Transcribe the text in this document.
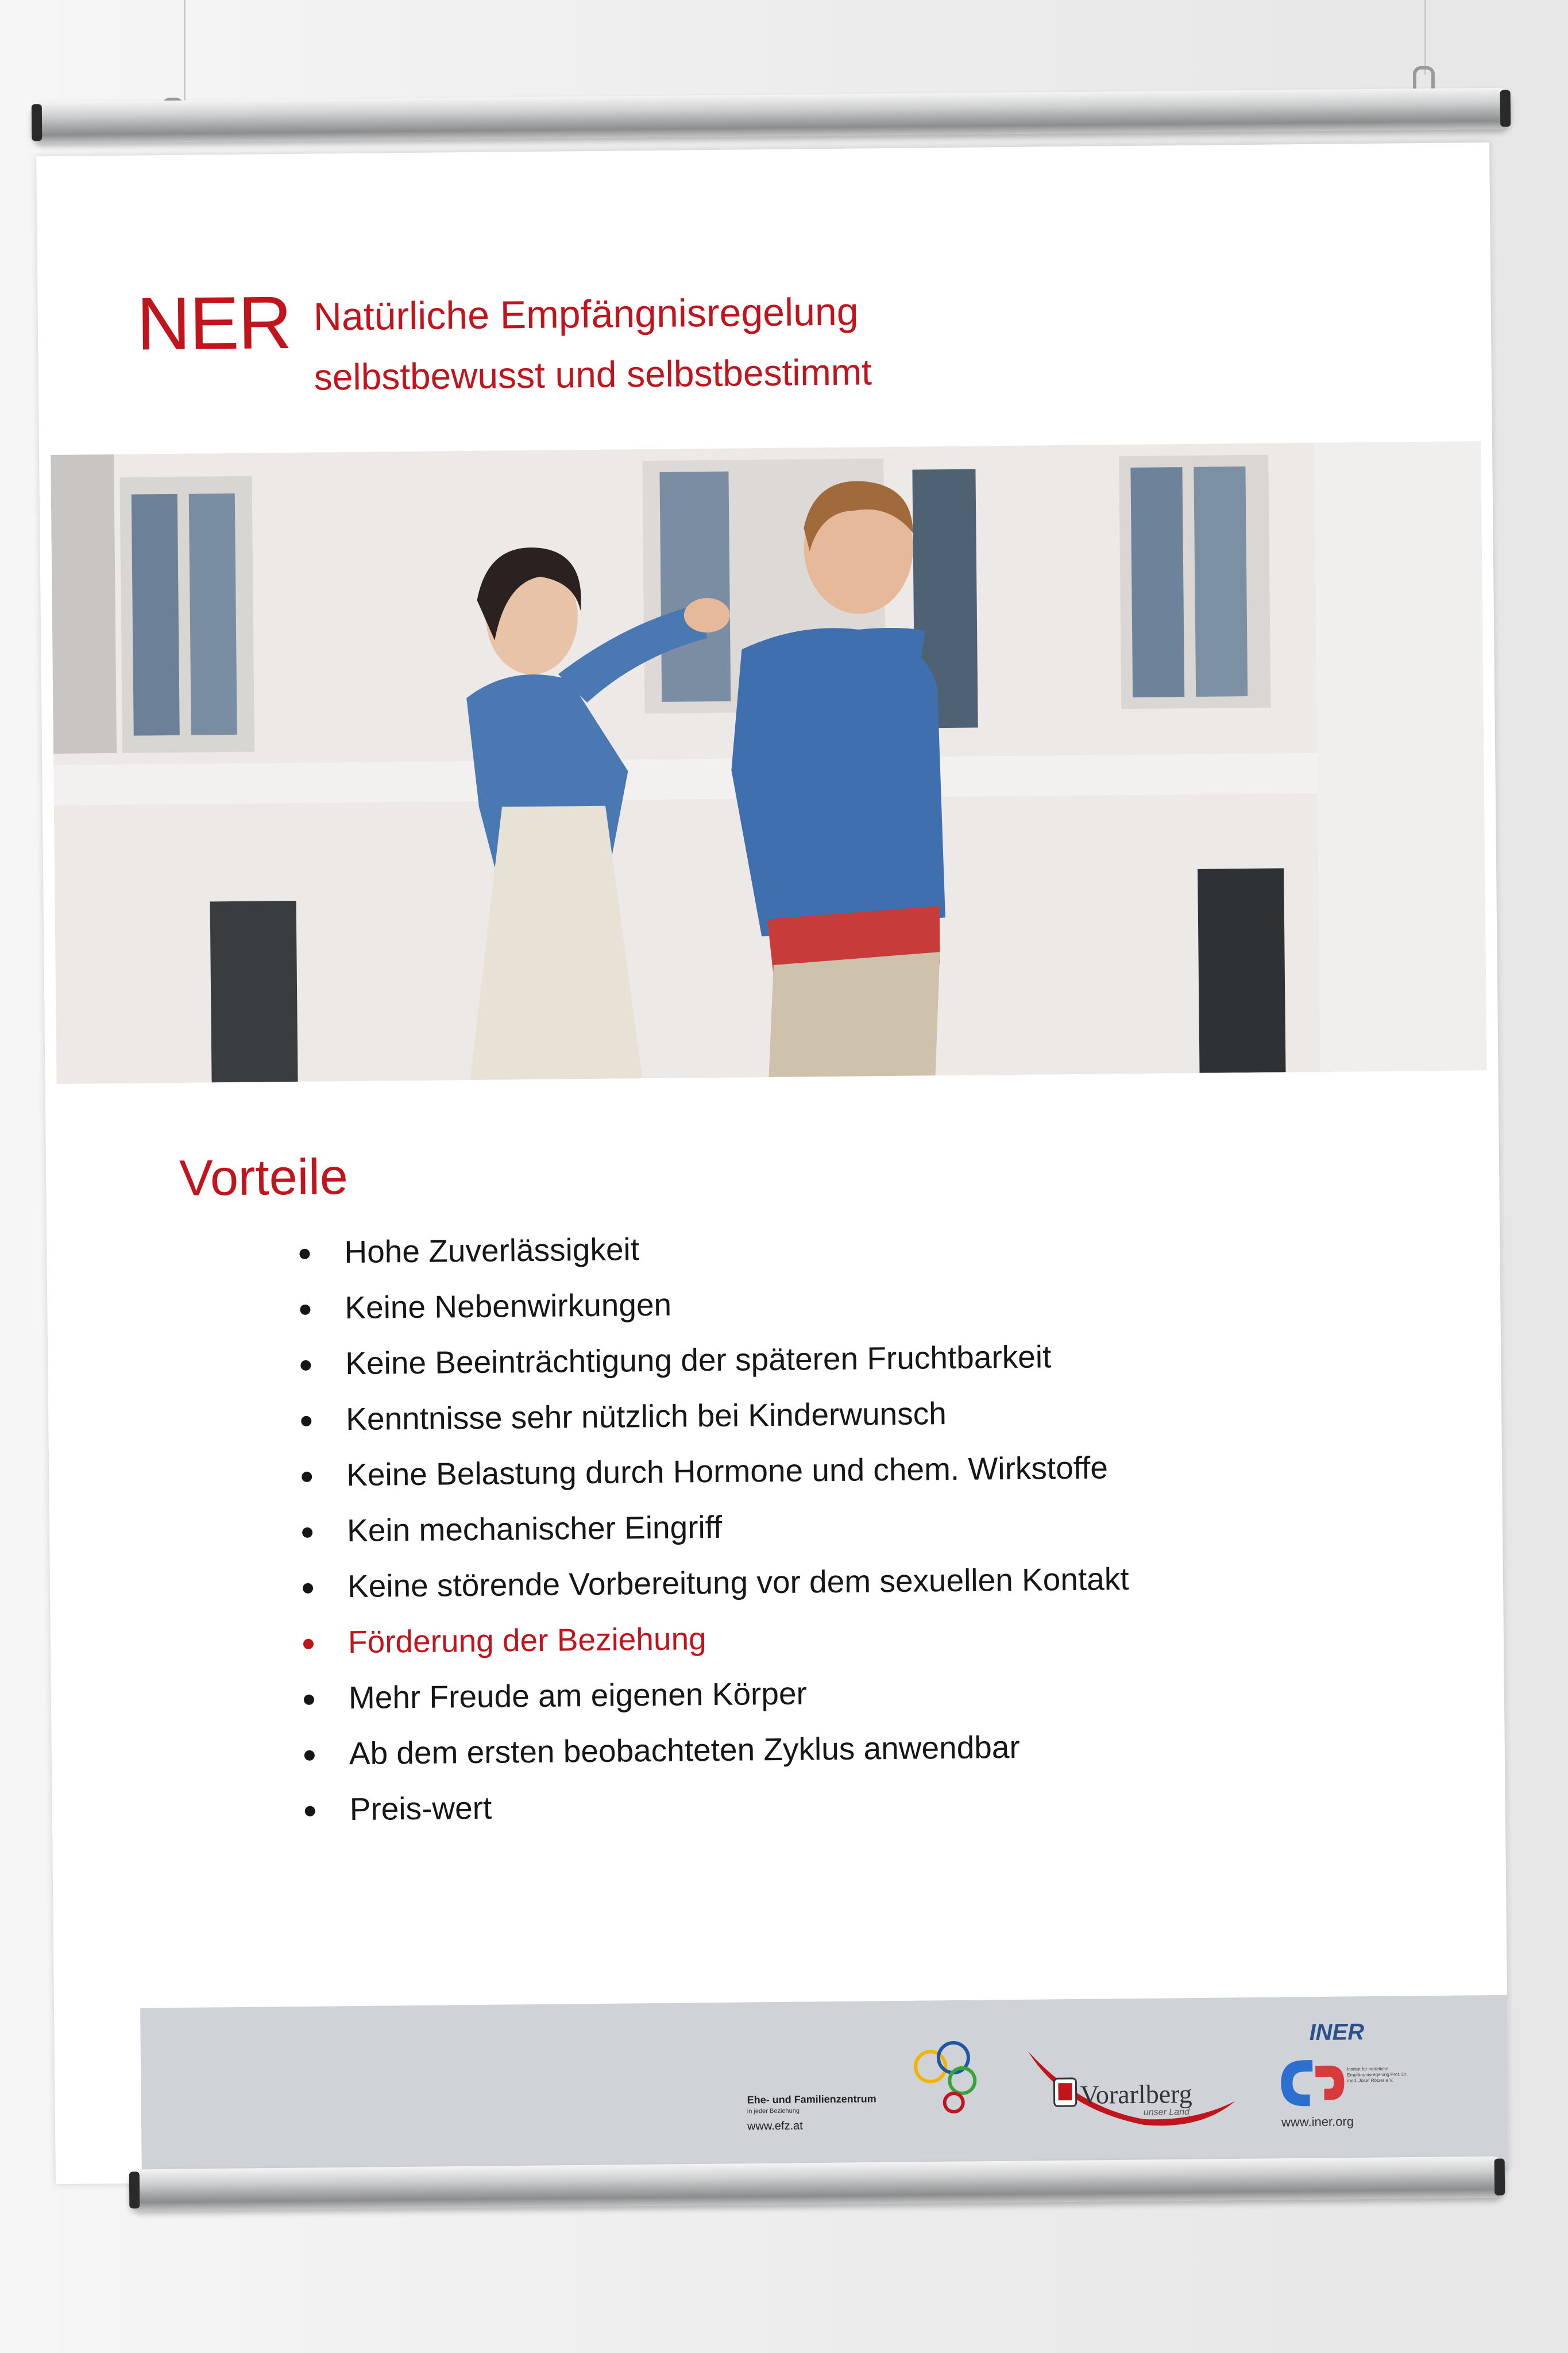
NER Natürliche Empfängnisregelung
selbstbewusst und selbstbestimmt
Vorteile
Hohe Zuverlässigkeit
Keine Nebenwirkungen
Keine Beeinträchtigung der späteren Fruchtbarkeit
Kenntnisse sehr nützlich bei Kinderwunsch
Keine Belastung durch Hormone und chem. Wirkstoffe
Kein mechanischer Eingriff
Keine störende Vorbereitung vor dem sexuellen Kontakt
Förderung der Beziehung
Mehr Freude am eigenen Körper
Ab dem ersten beobachteten Zyklus anwendbar
Preis-wert
Ehe- und Familienzentrum
in jeder Beziehung
www.efz.at
Vorarlberg
unser Land
INER
Institut für natürliche Empfängnisregelung Prof. Dr. med. Josef Rötzer e.V.
www.iner.org
